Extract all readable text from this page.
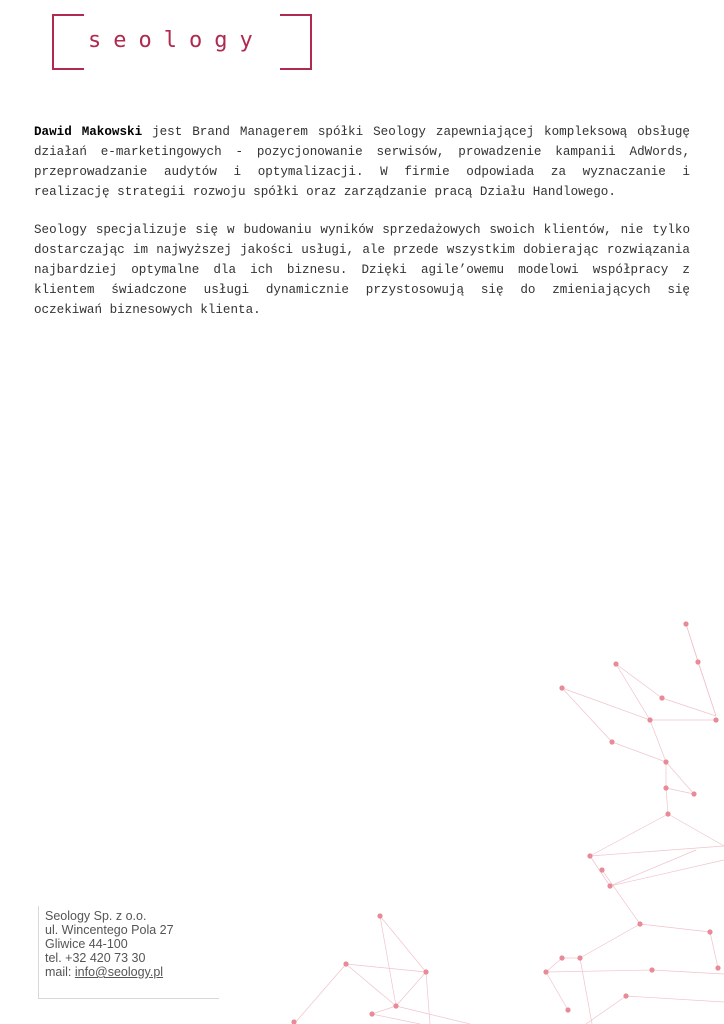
seology

Dawid Makowski jest Brand Managerem spółki Seology zapewniającej kompleksową obsługę działań e-marketingowych - pozycjonowanie serwisów, prowadzenie kampanii AdWords, przeprowadzanie audytów i optymalizacji. W firmie odpowiada za wyznaczanie i realizację strategii rozwoju spółki oraz zarządzanie pracą Działu Handlowego.

Seology specjalizuje się w budowaniu wyników sprzedażowych swoich klientów, nie tylko dostarczając im najwyższej jakości usługi, ale przede wszystkim dobierając rozwiązania najbardziej optymalne dla ich biznesu. Dzięki agile’owemu modelowi współpracy z klientem świadczone usługi dynamicznie przystosowują się do zmieniających się oczekiwań biznesowych klienta.

Seology Sp. z o.o.
ul. Wincentego Pola 27
Gliwice 44-100
tel. +32 420 73 30
mail: info@seology.pl
